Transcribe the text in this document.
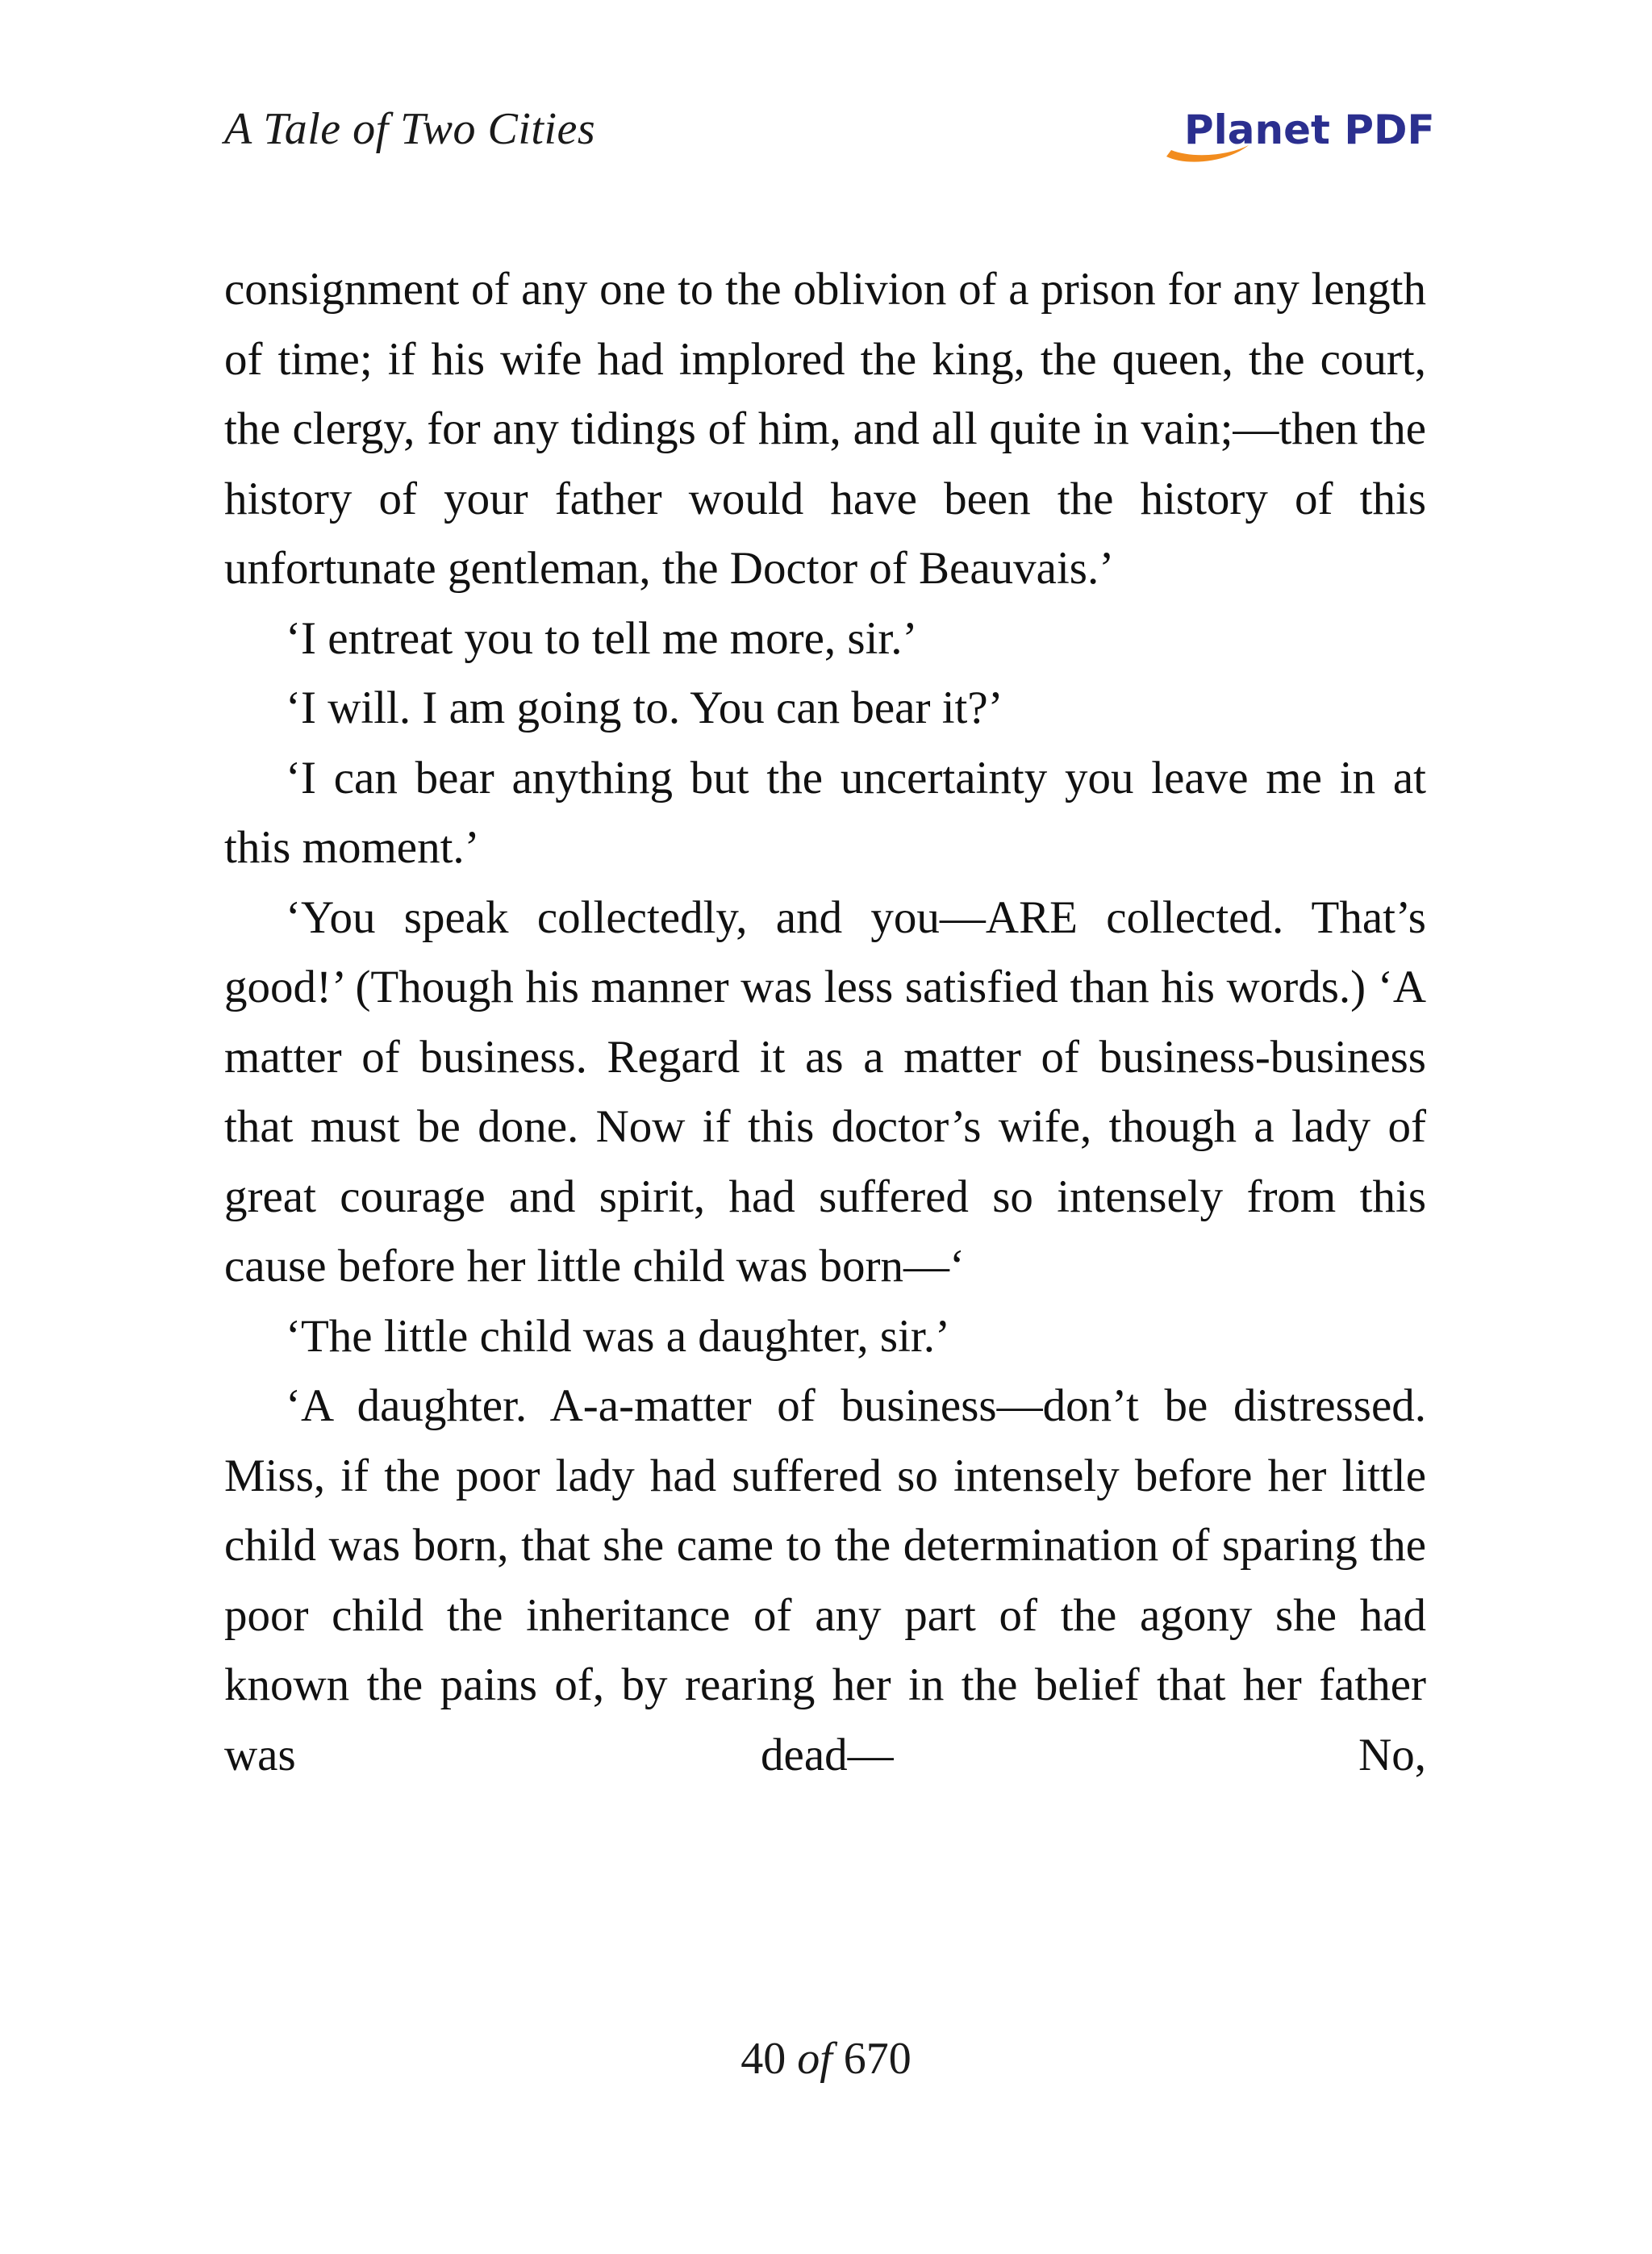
A Tale of Two Cities	Planet PDF

consignment of any one to the oblivion of a prison for any length of time; if his wife had implored the king, the queen, the court, the clergy, for any tidings of him, and all quite in vain;—then the history of your father would have been the history of this unfortunate gentleman, the Doctor of Beauvais.’

‘I entreat you to tell me more, sir.’

‘I will. I am going to. You can bear it?’

‘I can bear anything but the uncertainty you leave me in at this moment.’

‘You speak collectedly, and you—ARE collected. That’s good!’ (Though his manner was less satisfied than his words.) ‘A matter of business. Regard it as a matter of business-business that must be done. Now if this doctor’s wife, though a lady of great courage and spirit, had suffered so intensely from this cause before her little child was born—‘

‘The little child was a daughter, sir.’

‘A daughter. A-a-matter of business—don’t be distressed. Miss, if the poor lady had suffered so intensely before her little child was born, that she came to the determination of sparing the poor child the inheritance of any part of the agony she had known the pains of, by rearing her in the belief that her father was dead— No,

40 of 670
